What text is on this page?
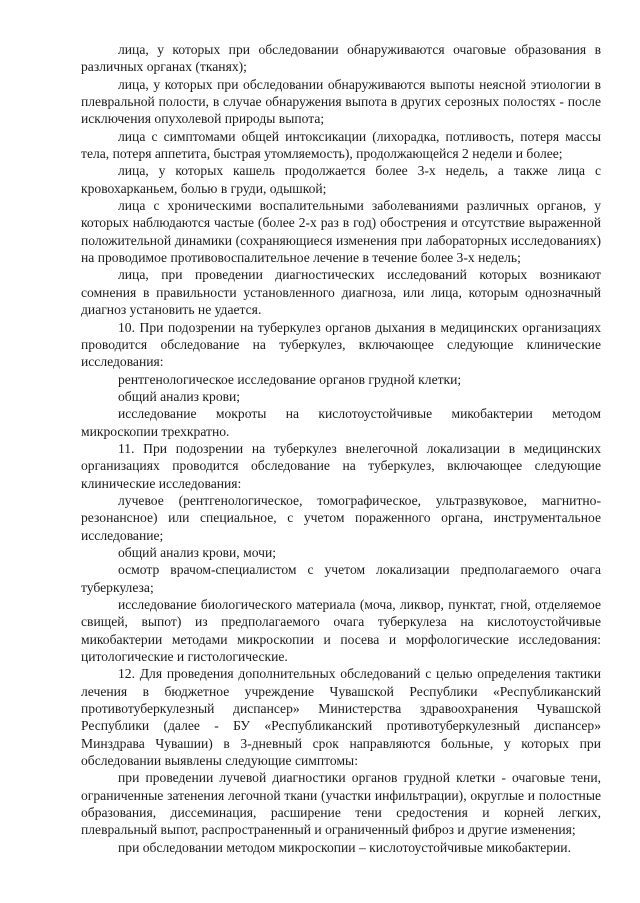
лица, у которых при обследовании обнаруживаются очаговые образования в различных органах (тканях);

лица, у которых при обследовании обнаруживаются выпоты неясной этиологии в плевральной полости, в случае обнаружения выпота в других серозных полостях - после исключения опухолевой природы выпота;

лица с симптомами общей интоксикации (лихорадка, потливость, потеря массы тела, потеря аппетита, быстрая утомляемость), продолжающейся 2 недели и более;

лица, у которых кашель продолжается более 3-х недель, а также лица с кровохарканьем, болью в груди, одышкой;

лица с хроническими воспалительными заболеваниями различных органов, у которых наблюдаются частые (более 2-х раз в год) обострения и отсутствие выраженной положительной динамики (сохраняющиеся изменения при лабораторных исследованиях) на проводимое противовоспалительное лечение в течение более 3-х недель;

лица, при проведении диагностических исследований которых возникают сомнения в правильности установленного диагноза, или лица, которым однозначный диагноз установить не удается.

10. При подозрении на туберкулез органов дыхания в медицинских организациях проводится обследование на туберкулез, включающее следующие клинические исследования:

рентгенологическое исследование органов грудной клетки;

общий анализ крови;

исследование мокроты на кислотоустойчивые микобактерии методом микроскопии трехкратно.

11. При подозрении на туберкулез внелегочной локализации в медицинских организациях проводится обследование на туберкулез, включающее следующие клинические исследования:

лучевое (рентгенологическое, томографическое, ультразвуковое, магнитно-резонансное) или специальное, с учетом пораженного органа, инструментальное исследование;

общий анализ крови, мочи;

осмотр врачом-специалистом с учетом локализации предполагаемого очага туберкулеза;

исследование биологического материала (моча, ликвор, пунктат, гной, отделяемое свищей, выпот) из предполагаемого очага туберкулеза на кислотоустойчивые микобактерии методами микроскопии и посева и морфологические исследования: цитологические и гистологические.

12. Для проведения дополнительных обследований с целью определения тактики лечения в бюджетное учреждение Чувашской Республики «Республиканский противотуберкулезный диспансер» Министерства здравоохранения Чувашской Республики (далее - БУ «Республиканский противотуберкулезный диспансер» Минздрава Чувашии) в 3-дневный срок направляются больные, у которых при обследовании выявлены следующие симптомы:

при проведении лучевой диагностики органов грудной клетки - очаговые тени, ограниченные затенения легочной ткани (участки инфильтрации), округлые и полостные образования, диссеминация, расширение тени средостения и корней легких, плевральный выпот, распространенный и ограниченный фиброз и другие изменения;

при обследовании методом микроскопии – кислотоустойчивые микобактерии.
